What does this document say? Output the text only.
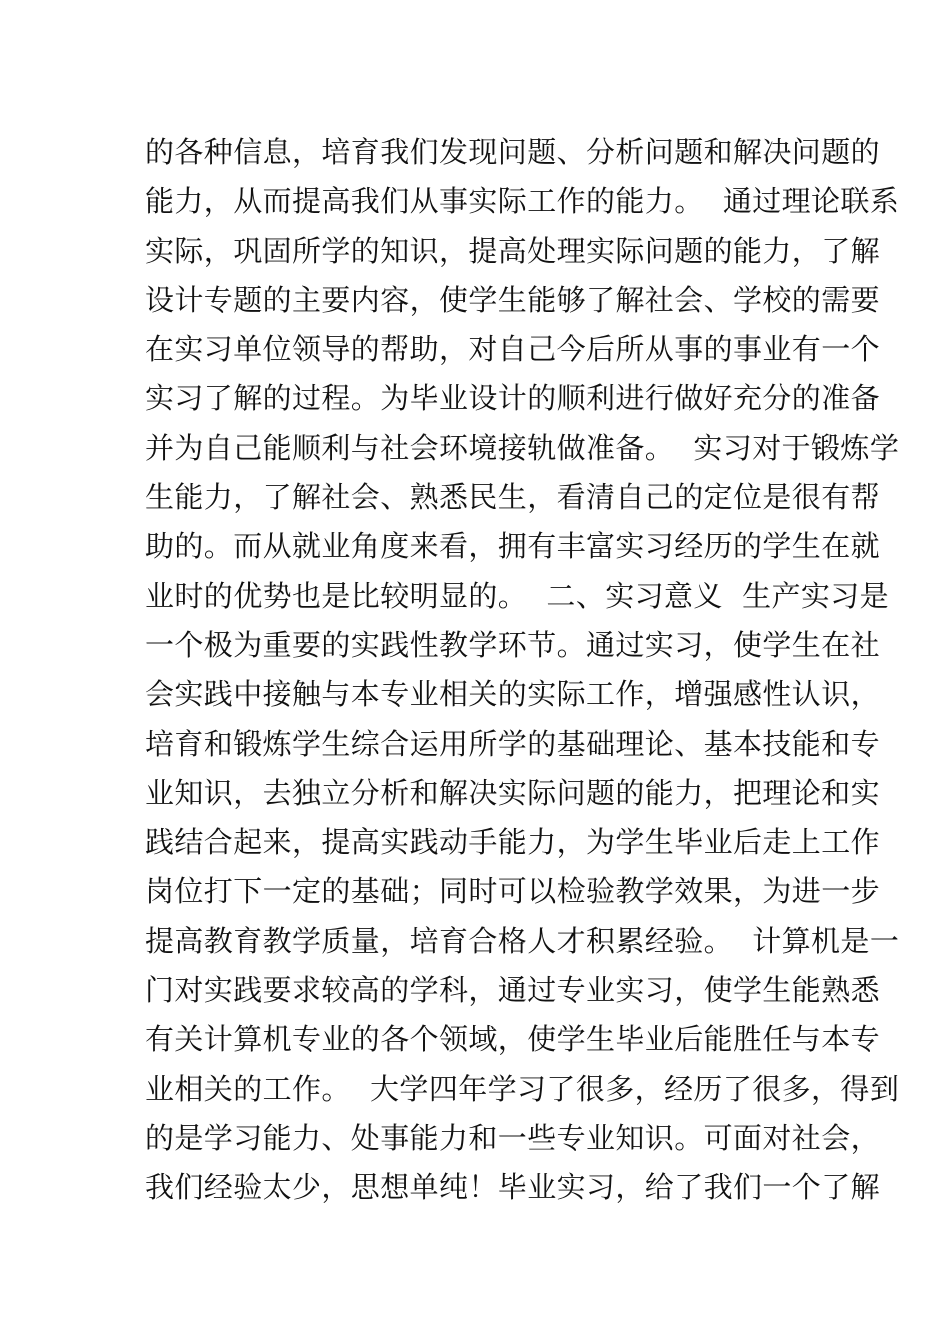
的各种信息，培育我们发现问题、分析问题和解决问题的
能力，从而提高我们从事实际工作的能力。  通过理论联系
实际，巩固所学的知识，提高处理实际问题的能力，了解
设计专题的主要内容，使学生能够了解社会、学校的需要
在实习单位领导的帮助，对自己今后所从事的事业有一个
实习了解的过程。为毕业设计的顺利进行做好充分的准备
并为自己能顺利与社会环境接轨做准备。  实习对于锻炼学
生能力，了解社会、熟悉民生，看清自己的定位是很有帮
助的。而从就业角度来看，拥有丰富实习经历的学生在就
业时的优势也是比较明显的。  二、实习意义  生产实习是
一个极为重要的实践性教学环节。通过实习，使学生在社
会实践中接触与本专业相关的实际工作，增强感性认识，
培育和锻炼学生综合运用所学的基础理论、基本技能和专
业知识，去独立分析和解决实际问题的能力，把理论和实
践结合起来，提高实践动手能力，为学生毕业后走上工作
岗位打下一定的基础；同时可以检验教学效果，为进一步
提高教育教学质量，培育合格人才积累经验。  计算机是一
门对实践要求较高的学科，通过专业实习，使学生能熟悉
有关计算机专业的各个领域，使学生毕业后能胜任与本专
业相关的工作。  大学四年学习了很多，经历了很多，得到
的是学习能力、处事能力和一些专业知识。可面对社会，
我们经验太少，思想单纯！毕业实习，给了我们一个了解
